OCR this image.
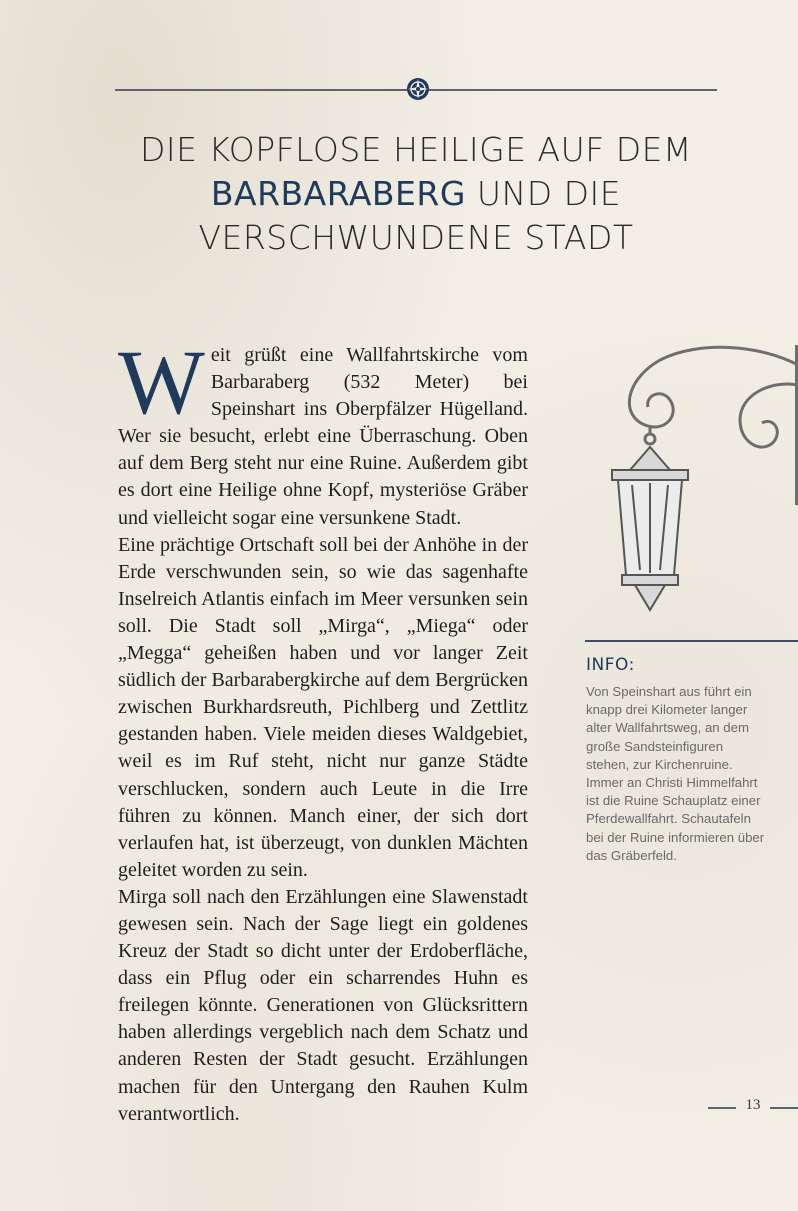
DIE KOPFLOSE HEILIGE AUF DEM
BARBARABERG UND DIE
VERSCHWUNDENE STADT

Weit grüßt eine Wallfahrtskirche vom Barbaraberg (532 Meter) bei Speinshart ins Oberpfälzer Hügelland. Wer sie besucht, erlebt eine Überraschung. Oben auf dem Berg steht nur eine Ruine. Außerdem gibt es dort eine Heilige ohne Kopf, mysteriöse Gräber und vielleicht sogar eine versunkene Stadt.

Eine prächtige Ortschaft soll bei der Anhöhe in der Erde verschwunden sein, so wie das sagenhafte Inselreich Atlantis einfach im Meer versunken sein soll. Die Stadt soll „Mirga“, „Miega“ oder „Megga“ geheißen haben und vor langer Zeit südlich der Barbarabergkirche auf dem Bergrücken zwischen Burkhardsreuth, Pichlberg und Zettlitz gestanden haben. Viele meiden dieses Waldgebiet, weil es im Ruf steht, nicht nur ganze Städte verschlucken, sondern auch Leute in die Irre führen zu können. Manch einer, der sich dort verlaufen hat, ist überzeugt, von dunklen Mächten geleitet worden zu sein.

Mirga soll nach den Erzählungen eine Slawenstadt gewesen sein. Nach der Sage liegt ein goldenes Kreuz der Stadt so dicht unter der Erdoberfläche, dass ein Pflug oder ein scharrendes Huhn es freilegen könnte. Generationen von Glücksrittern haben allerdings vergeblich nach dem Schatz und anderen Resten der Stadt gesucht. Erzählungen machen für den Untergang den Rauhen Kulm verantwortlich.

INFO:
Von Speinshart aus führt ein knapp drei Kilometer langer alter Wallfahrtsweg, an dem große Sandsteinfiguren stehen, zur Kirchenruine. Immer an Christi Himmelfahrt ist die Ruine Schauplatz einer Pferdewallfahrt. Schautafeln bei der Ruine informieren über das Gräberfeld.
13
